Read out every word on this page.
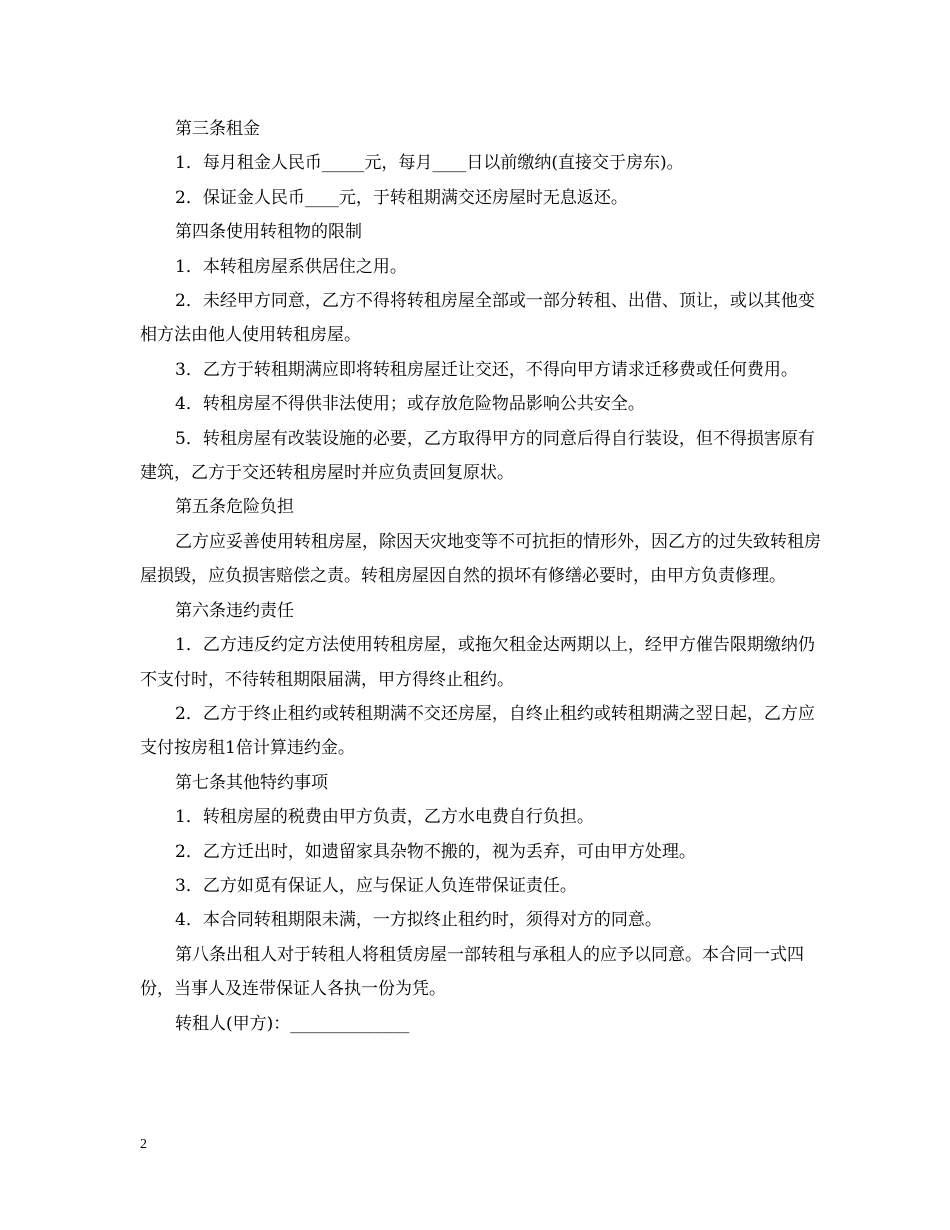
第三条租金

1．每月租金人民币_____元，每月____日以前缴纳(直接交于房东)。

2．保证金人民币____元，于转租期满交还房屋时无息返还。

第四条使用转租物的限制

1．本转租房屋系供居住之用。

2．未经甲方同意，乙方不得将转租房屋全部或一部分转租、出借、顶让，或以其他变相方法由他人使用转租房屋。

3．乙方于转租期满应即将转租房屋迁让交还，不得向甲方请求迁移费或任何费用。

4．转租房屋不得供非法使用；或存放危险物品影响公共安全。

5．转租房屋有改装设施的必要，乙方取得甲方的同意后得自行装设，但不得损害原有建筑，乙方于交还转租房屋时并应负责回复原状。

第五条危险负担

乙方应妥善使用转租房屋，除因天灾地变等不可抗拒的情形外，因乙方的过失致转租房屋损毁，应负损害赔偿之责。转租房屋因自然的损坏有修缮必要时，由甲方负责修理。

第六条违约责任

1．乙方违反约定方法使用转租房屋，或拖欠租金达两期以上，经甲方催告限期缴纳仍不支付时，不待转租期限届满，甲方得终止租约。

2．乙方于终止租约或转租期满不交还房屋，自终止租约或转租期满之翌日起，乙方应支付按房租1倍计算违约金。

第七条其他特约事项

1．转租房屋的税费由甲方负责，乙方水电费自行负担。

2．乙方迁出时，如遗留家具杂物不搬的，视为丢弃，可由甲方处理。

3．乙方如觅有保证人，应与保证人负连带保证责任。

4．本合同转租期限未满，一方拟终止租约时，须得对方的同意。

第八条出租人对于转租人将租赁房屋一部转租与承租人的应予以同意。本合同一式四份，当事人及连带保证人各执一份为凭。

转租人(甲方)：______________

2
